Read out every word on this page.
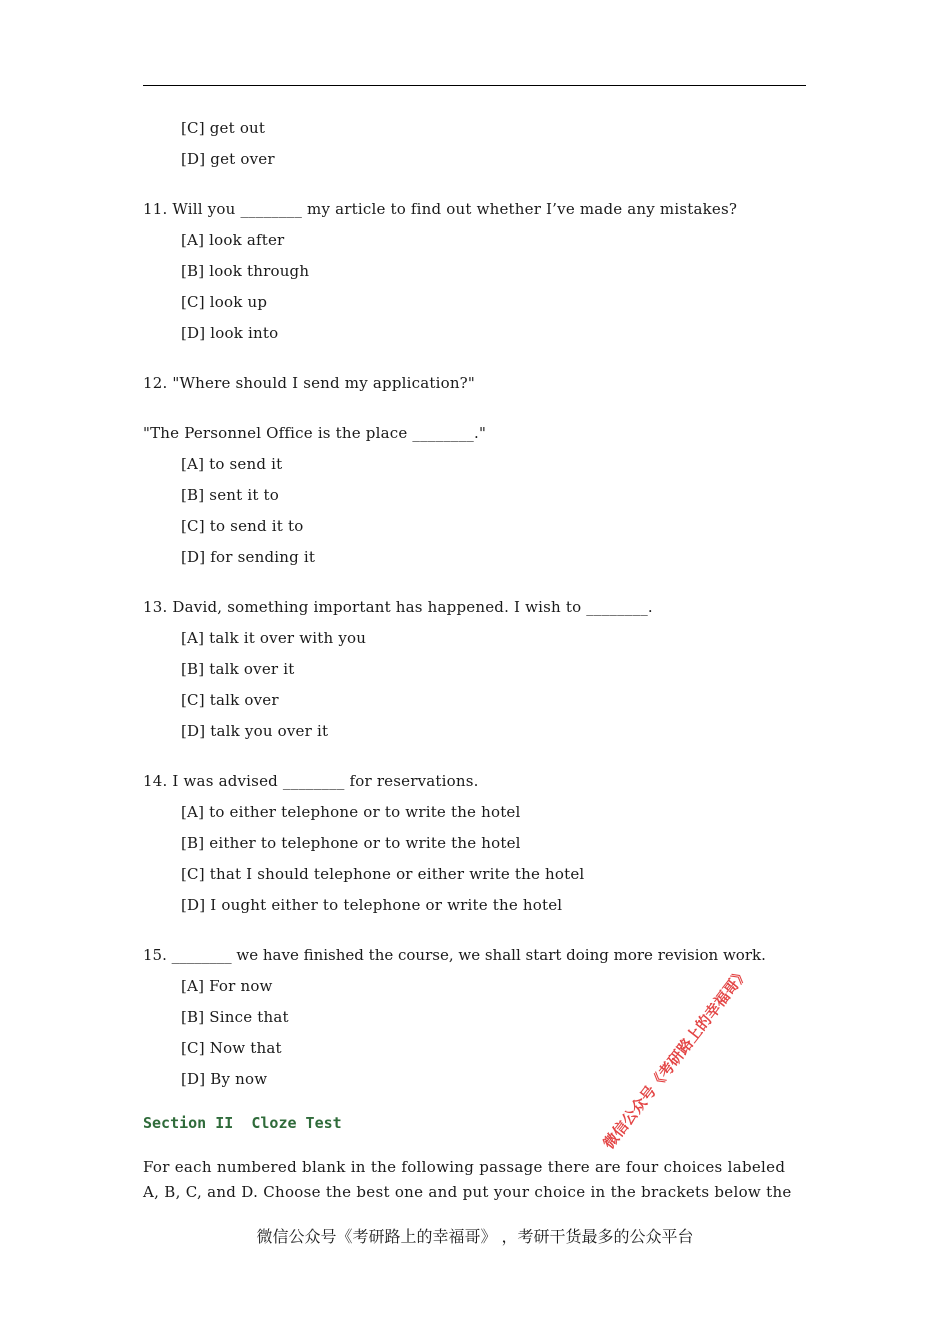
[C] get out
[D] get over
11. Will you ________ my article to find out whether I’ve made any mistakes?
[A] look after
[B] look through
[C] look up
[D] look into
12. "Where should I send my application?"
"The Personnel Office is the place ________."
[A] to send it
[B] sent it to
[C] to send it to
[D] for sending it
13. David, something important has happened. I wish to ________.
[A] talk it over with you
[B] talk over it
[C] talk over
[D] talk you over it
14. I was advised ________ for reservations.
[A] to either telephone or to write the hotel
[B] either to telephone or to write the hotel
[C] that I should telephone or either write the hotel
[D] I ought either to telephone or write the hotel
15. ________ we have finished the course, we shall start doing more revision work.
[A] For now
[B] Since that
[C] Now that
[D] By now
Section II  Cloze Test
For each numbered blank in the following passage there are four choices labeled
A, B, C, and D. Choose the best one and put your choice in the brackets below the
微信公众号《考研路上的幸福哥》 ，考研干货最多的公众平台
微信公众号《考研路上的幸福哥》
